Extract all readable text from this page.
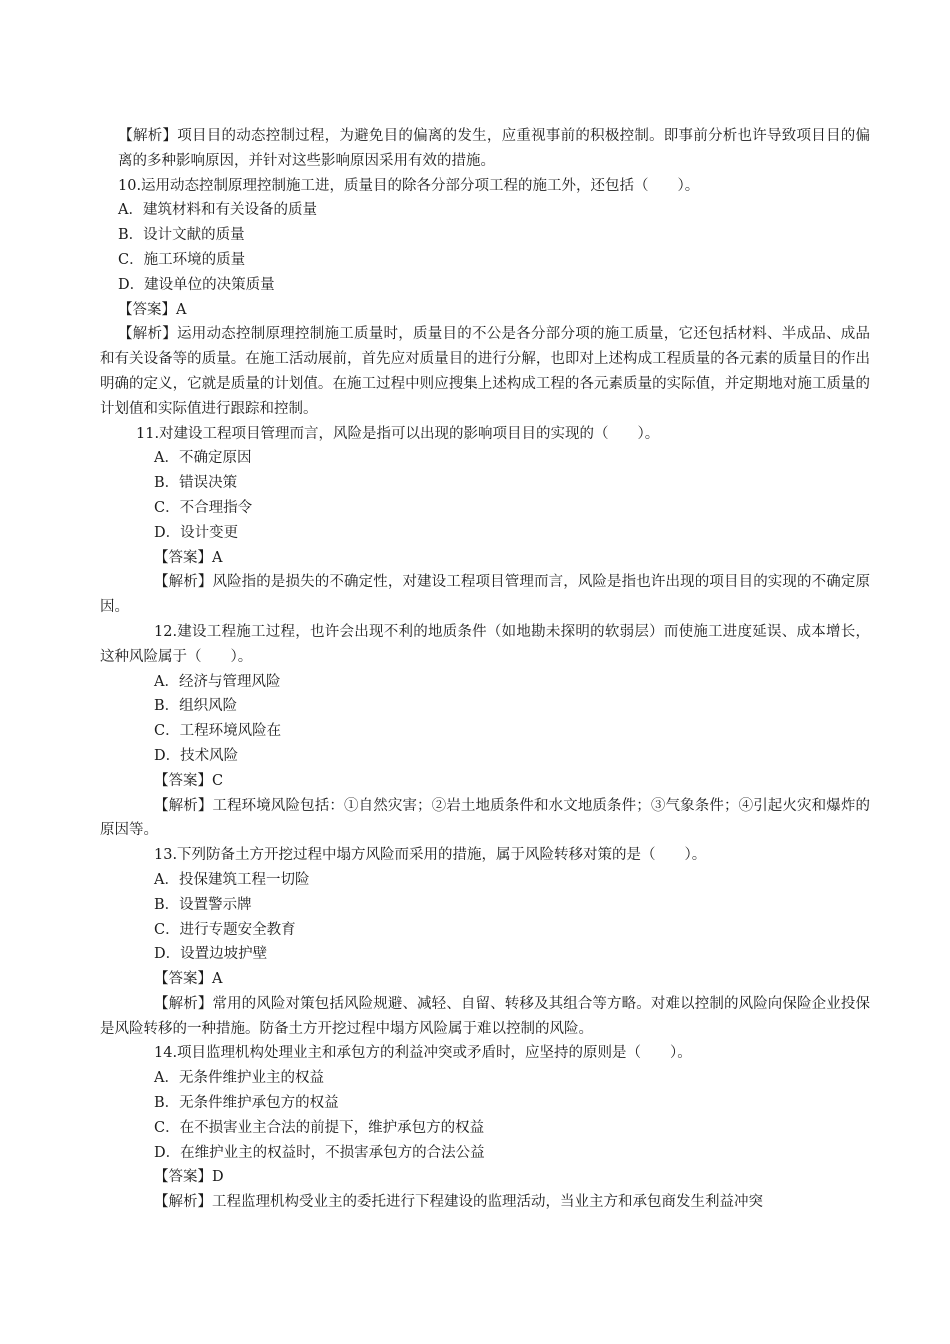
【解析】项目目的动态控制过程，为避免目的偏离的发生，应重视事前的积极控制。即事前分析也许导致项目目的偏离的多种影响原因，并针对这些影响原因采用有效的措施。
10.运用动态控制原理控制施工进，质量目的除各分部分项工程的施工外，还包括（　　）。
A．建筑材料和有关设备的质量
B．设计文献的质量
C．施工环境的质量
D．建设单位的决策质量
【答案】A
【解析】运用动态控制原理控制施工质量时，质量目的不公是各分部分项的施工质量，它还包括材料、半成品、成品和有关设备等的质量。在施工活动展前，首先应对质量目的进行分解，也即对上述构成工程质量的各元素的质量目的作出明确的定义，它就是质量的计划值。在施工过程中则应搜集上述构成工程的各元素质量的实际值，并定期地对施工质量的计划值和实际值进行跟踪和控制。
11.对建设工程项目管理而言，风险是指可以出现的影响项目目的实现的（　　）。
A．不确定原因
B．错误决策
C．不合理指令
D．设计变更
【答案】A
【解析】风险指的是损失的不确定性，对建设工程项目管理而言，风险是指也许出现的项目目的实现的不确定原因。
12.建设工程施工过程，也许会出现不利的地质条件（如地勘未探明的软弱层）而使施工进度延误、成本增长，这种风险属于（　　）。
A．经济与管理风险
B．组织风险
C．工程环境风险在
D．技术风险
【答案】C
【解析】工程环境风险包括：①自然灾害；②岩土地质条件和水文地质条件；③气象条件；④引起火灾和爆炸的原因等。
13.下列防备土方开挖过程中塌方风险而采用的措施，属于风险转移对策的是（　　）。
A．投保建筑工程一切险
B．设置警示牌
C．进行专题安全教育
D．设置边坡护壁
【答案】A
【解析】常用的风险对策包括风险规避、减轻、自留、转移及其组合等方略。对难以控制的风险向保险企业投保是风险转移的一种措施。防备土方开挖过程中塌方风险属于难以控制的风险。
14.项目监理机构处理业主和承包方的利益冲突或矛盾时，应坚持的原则是（　　）。
A．无条件维护业主的权益
B．无条件维护承包方的权益
C．在不损害业主合法的前提下，维护承包方的权益
D．在维护业主的权益时，不损害承包方的合法公益
【答案】D
【解析】工程监理机构受业主的委托进行下程建设的监理活动，当业主方和承包商发生利益冲突
